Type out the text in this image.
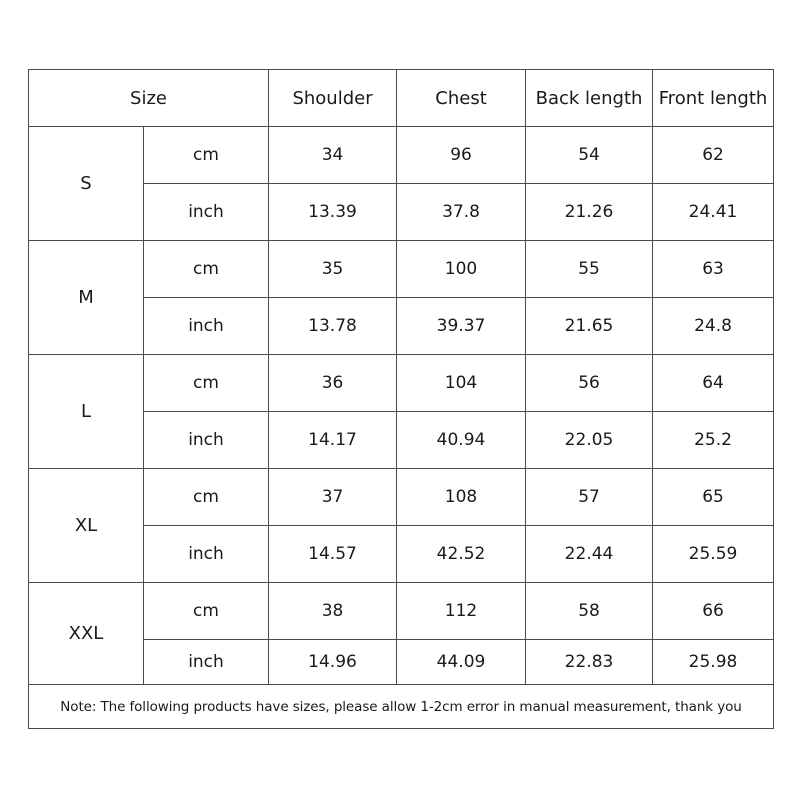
Size		Shoulder	Chest	Back length	Front length
S	cm	34	96	54	62
	inch	13.39	37.8	21.26	24.41
M	cm	35	100	55	63
	inch	13.78	39.37	21.65	24.8
L	cm	36	104	56	64
	inch	14.17	40.94	22.05	25.2
XL	cm	37	108	57	65
	inch	14.57	42.52	22.44	25.59
XXL	cm	38	112	58	66
	inch	14.96	44.09	22.83	25.98
Note: The following products have sizes, please allow 1-2cm error in manual measurement, thank you					
